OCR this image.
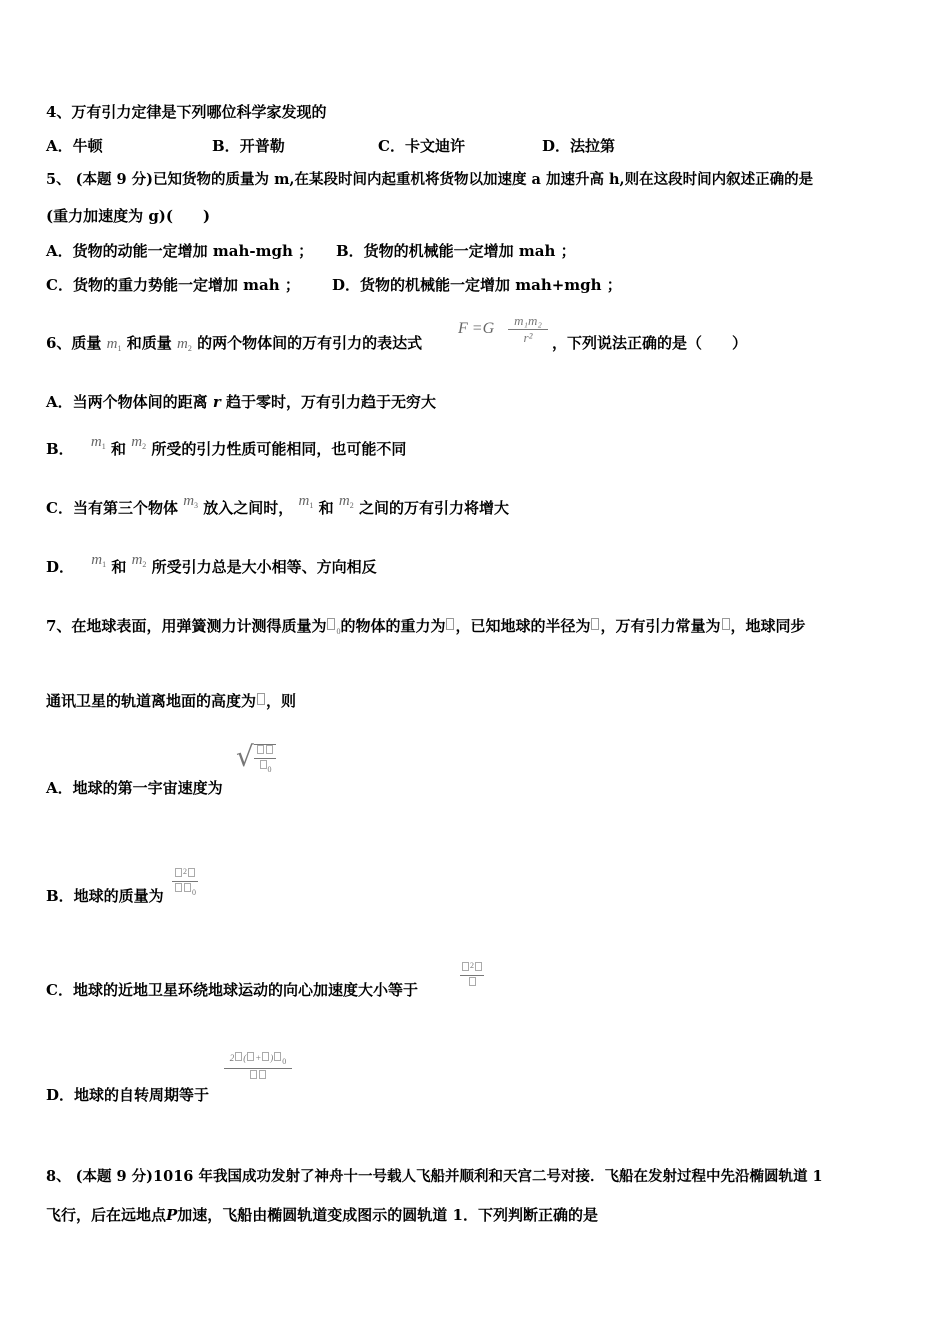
4、万有引力定律是下列哪位科学家发现的
A．牛顿	B．开普勒	C．卡文迪许	D．法拉第
5、 (本题 9 分)已知货物的质量为 m,在某段时间内起重机将货物以加速度 a 加速升高 h,则在这段时间内叙述正确的是
(重力加速度为 g)(　　)
A．货物的动能一定增加 mah-mgh ； B．货物的机械能一定增加 mah ；
C．货物的重力势能一定增加 mah ； D．货物的机械能一定增加 mah+mgh ；
6、质量 $m_1$ 和质量 $m_2$ 的两个物体间的万有引力的表达式
F =G	m₁m₂
r²	，下列说法正确的是（　　）
A．当两个物体间的距离 r 趋于零时，万有引力趋于无穷大
B． $m_1$ 和 $m_2$ 所受的引力性质可能相同，也可能不同
C．当有第三个物体 $m_3$ 放入之间时， $m_1$ 和 $m_2$ 之间的万有引力将增大
D． $m_1$ 和 $m_2$ 所受引力总是大小相等、方向相反
7、在地球表面，用弹簧测力计测得质量为 $_0$的物体的重力为 ，已知地球的半径为 ，万有引力常量为 ，地球同步
通讯卫星的轨道离地面的高度为 ，则
A．地球的第一宇宙速度为
√	0
B．地球的质量为
2
0
C．地球的近地卫星环绕地球运动的向心加速度大小等于
2
D．地球的自转周期等于
2 ( + ) 0
8、 (本题 9 分)1016 年我国成功发射了神舟十一号载人飞船并顺利和天宫二号对接．飞船在发射过程中先沿椭圆轨道 1
飞行，后在远地点P加速，飞船由椭圆轨道变成图示的圆轨道 1．下列判断正确的是
